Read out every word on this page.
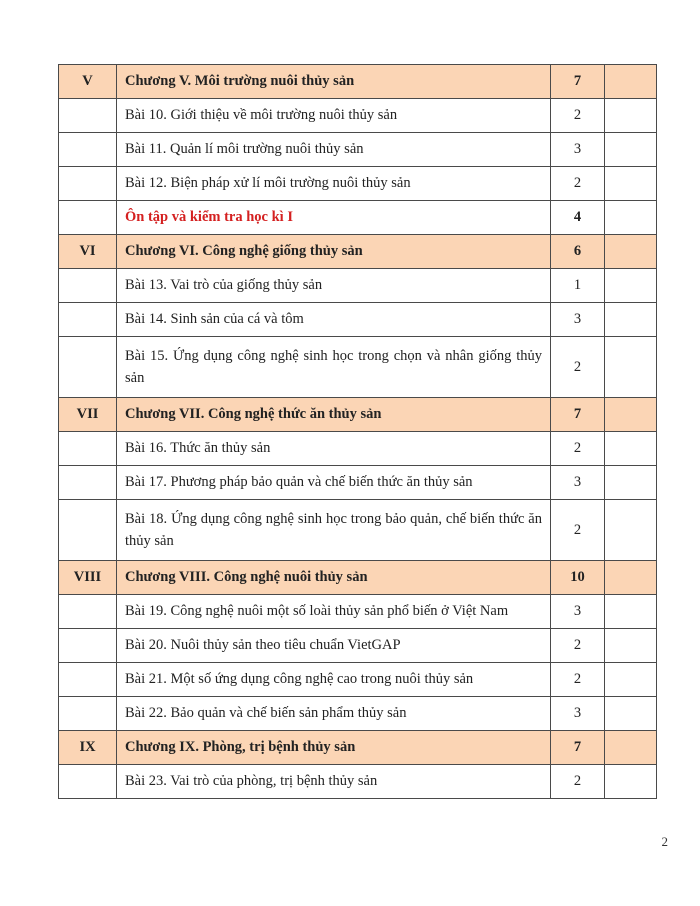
V	Chương V. Môi trường nuôi thủy sản	7	
	Bài 10. Giới thiệu về môi trường nuôi thủy sản	2	
	Bài 11. Quản lí môi trường nuôi thủy sản	3	
	Bài 12. Biện pháp xử lí môi trường nuôi thủy sản	2	
	Ôn tập và kiểm tra học kì I	4	
VI	Chương VI. Công nghệ giống thủy sản	6	
	Bài 13. Vai trò của giống thủy sản	1	
	Bài 14. Sinh sản của cá và tôm	3	
	Bài 15. Ứng dụng công nghệ sinh học trong chọn và nhân giống thủy sản	2	
VII	Chương VII. Công nghệ thức ăn thủy sản	7	
	Bài 16. Thức ăn thủy sản	2	
	Bài 17. Phương pháp bảo quản và chế biến thức ăn thủy sản	3	
	Bài 18. Ứng dụng công nghệ sinh học trong bảo quản, chế biến thức ăn thủy sản	2	
VIII	Chương VIII. Công nghệ nuôi thủy sản	10	
	Bài 19. Công nghệ nuôi một số loài thủy sản phổ biến ở Việt Nam	3	
	Bài 20. Nuôi thủy sản theo tiêu chuẩn VietGAP	2	
	Bài 21. Một số ứng dụng công nghệ cao trong nuôi thủy sản	2	
	Bài 22. Bảo quản và chế biến sản phẩm thủy sản	3	
IX	Chương IX. Phòng, trị bệnh thủy sản	7	
	Bài 23. Vai trò của phòng, trị bệnh thủy sản	2	
2
